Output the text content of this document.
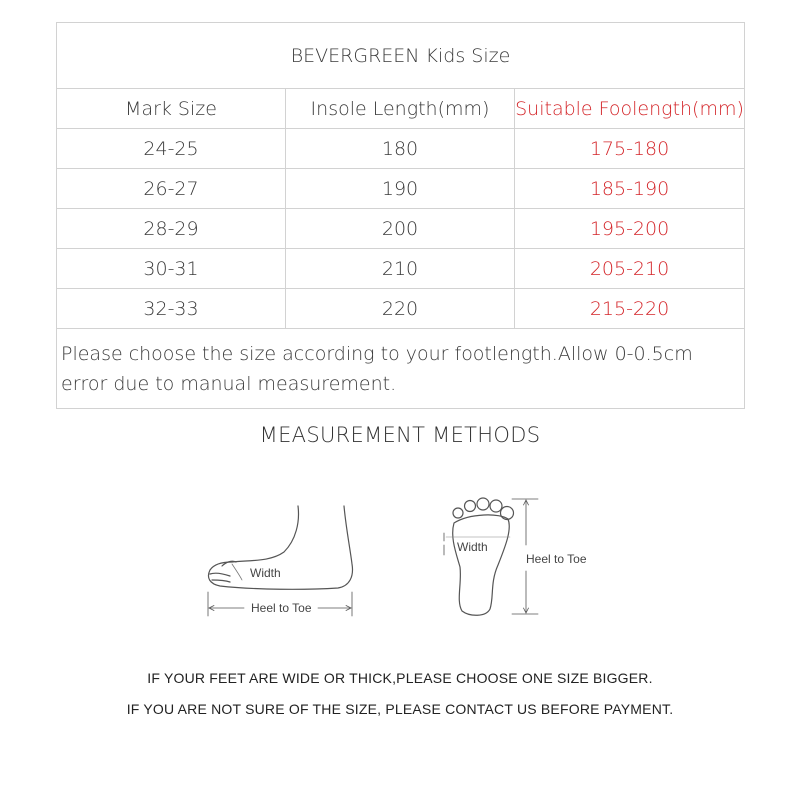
BEVERGREEN Kids Size		
Mark Size	Insole Length(mm)	Suitable Foolength(mm)
24-25	180	175-180
26-27	190	185-190
28-29	200	195-200
30-31	210	205-210
32-33	220	215-220
Please choose the size according to your footlength.Allow 0-0.5cm error due to manual measurement.		
MEASUREMENT METHODS
Width
Heel to Toe
Width
Heel to Toe
IF YOUR FEET ARE WIDE OR THICK,PLEASE CHOOSE ONE SIZE BIGGER.
IF YOU ARE NOT SURE OF THE SIZE, PLEASE CONTACT US BEFORE PAYMENT.
